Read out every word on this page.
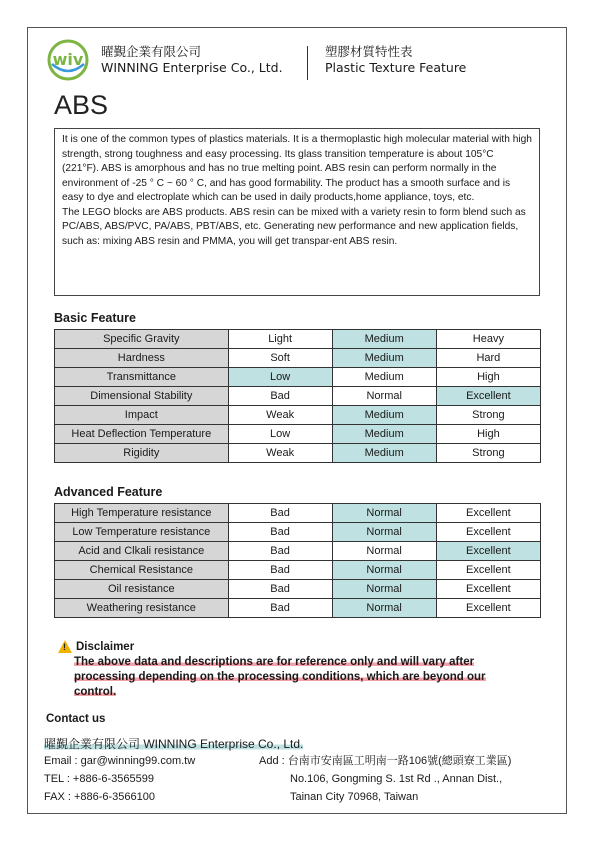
wiv 曜覲企業有限公司
WINNING Enterprise Co., Ltd.
塑膠材質特性表
Plastic Texture Feature
ABS

It is one of the common types of plastics materials. It is a thermoplastic high molecular material with high strength, strong toughness and easy processing. Its glass transition temperature is about 105°C (221°F). ABS is amorphous and has no true melting point. ABS resin can perform normally in the environment of -25 ° C ~ 60 ° C, and has good formability. The product has a smooth surface and is easy to dye and electroplate which can be used in daily products,home appliance, toys, etc.

The LEGO blocks are ABS products. ABS resin can be mixed with a variety resin to form blend such as PC/ABS, ABS/PVC, PA/ABS, PBT/ABS, etc. Generating new performance and new application fields, such as: mixing ABS resin and PMMA, you will get transpar-ent ABS resin.

Basic Feature
Specific Gravity	Light	Medium	Heavy
Hardness	Soft	Medium	Hard
Transmittance	Low	Medium	High
Dimensional Stability	Bad	Normal	Excellent
Impact	Weak	Medium	Strong
Heat Deflection Temperature	Low	Medium	High
Rigidity	Weak	Medium	Strong
Advanced Feature
High Temperature resistance	Bad	Normal	Excellent
Low Temperature resistance	Bad	Normal	Excellent
Acid and Clkali resistance	Bad	Normal	Excellent
Chemical Resistance	Bad	Normal	Excellent
Oil resistance	Bad	Normal	Excellent
Weathering resistance	Bad	Normal	Excellent
! Disclaimer
The above data and descriptions are for reference only and will vary after processing depending on the processing conditions, which are beyond our control.
Contact us
曜覲企業有限公司 WINNING Enterprise Co., Ltd.
Email : gar@winning99.com.tw
TEL : +886-6-3565599
FAX : +886-6-3566100
Add : 台南市安南區工明南一路106號(總頭寮工業區)
No.106, Gongming S. 1st Rd ., Annan Dist.,
Tainan City 70968, Taiwan
